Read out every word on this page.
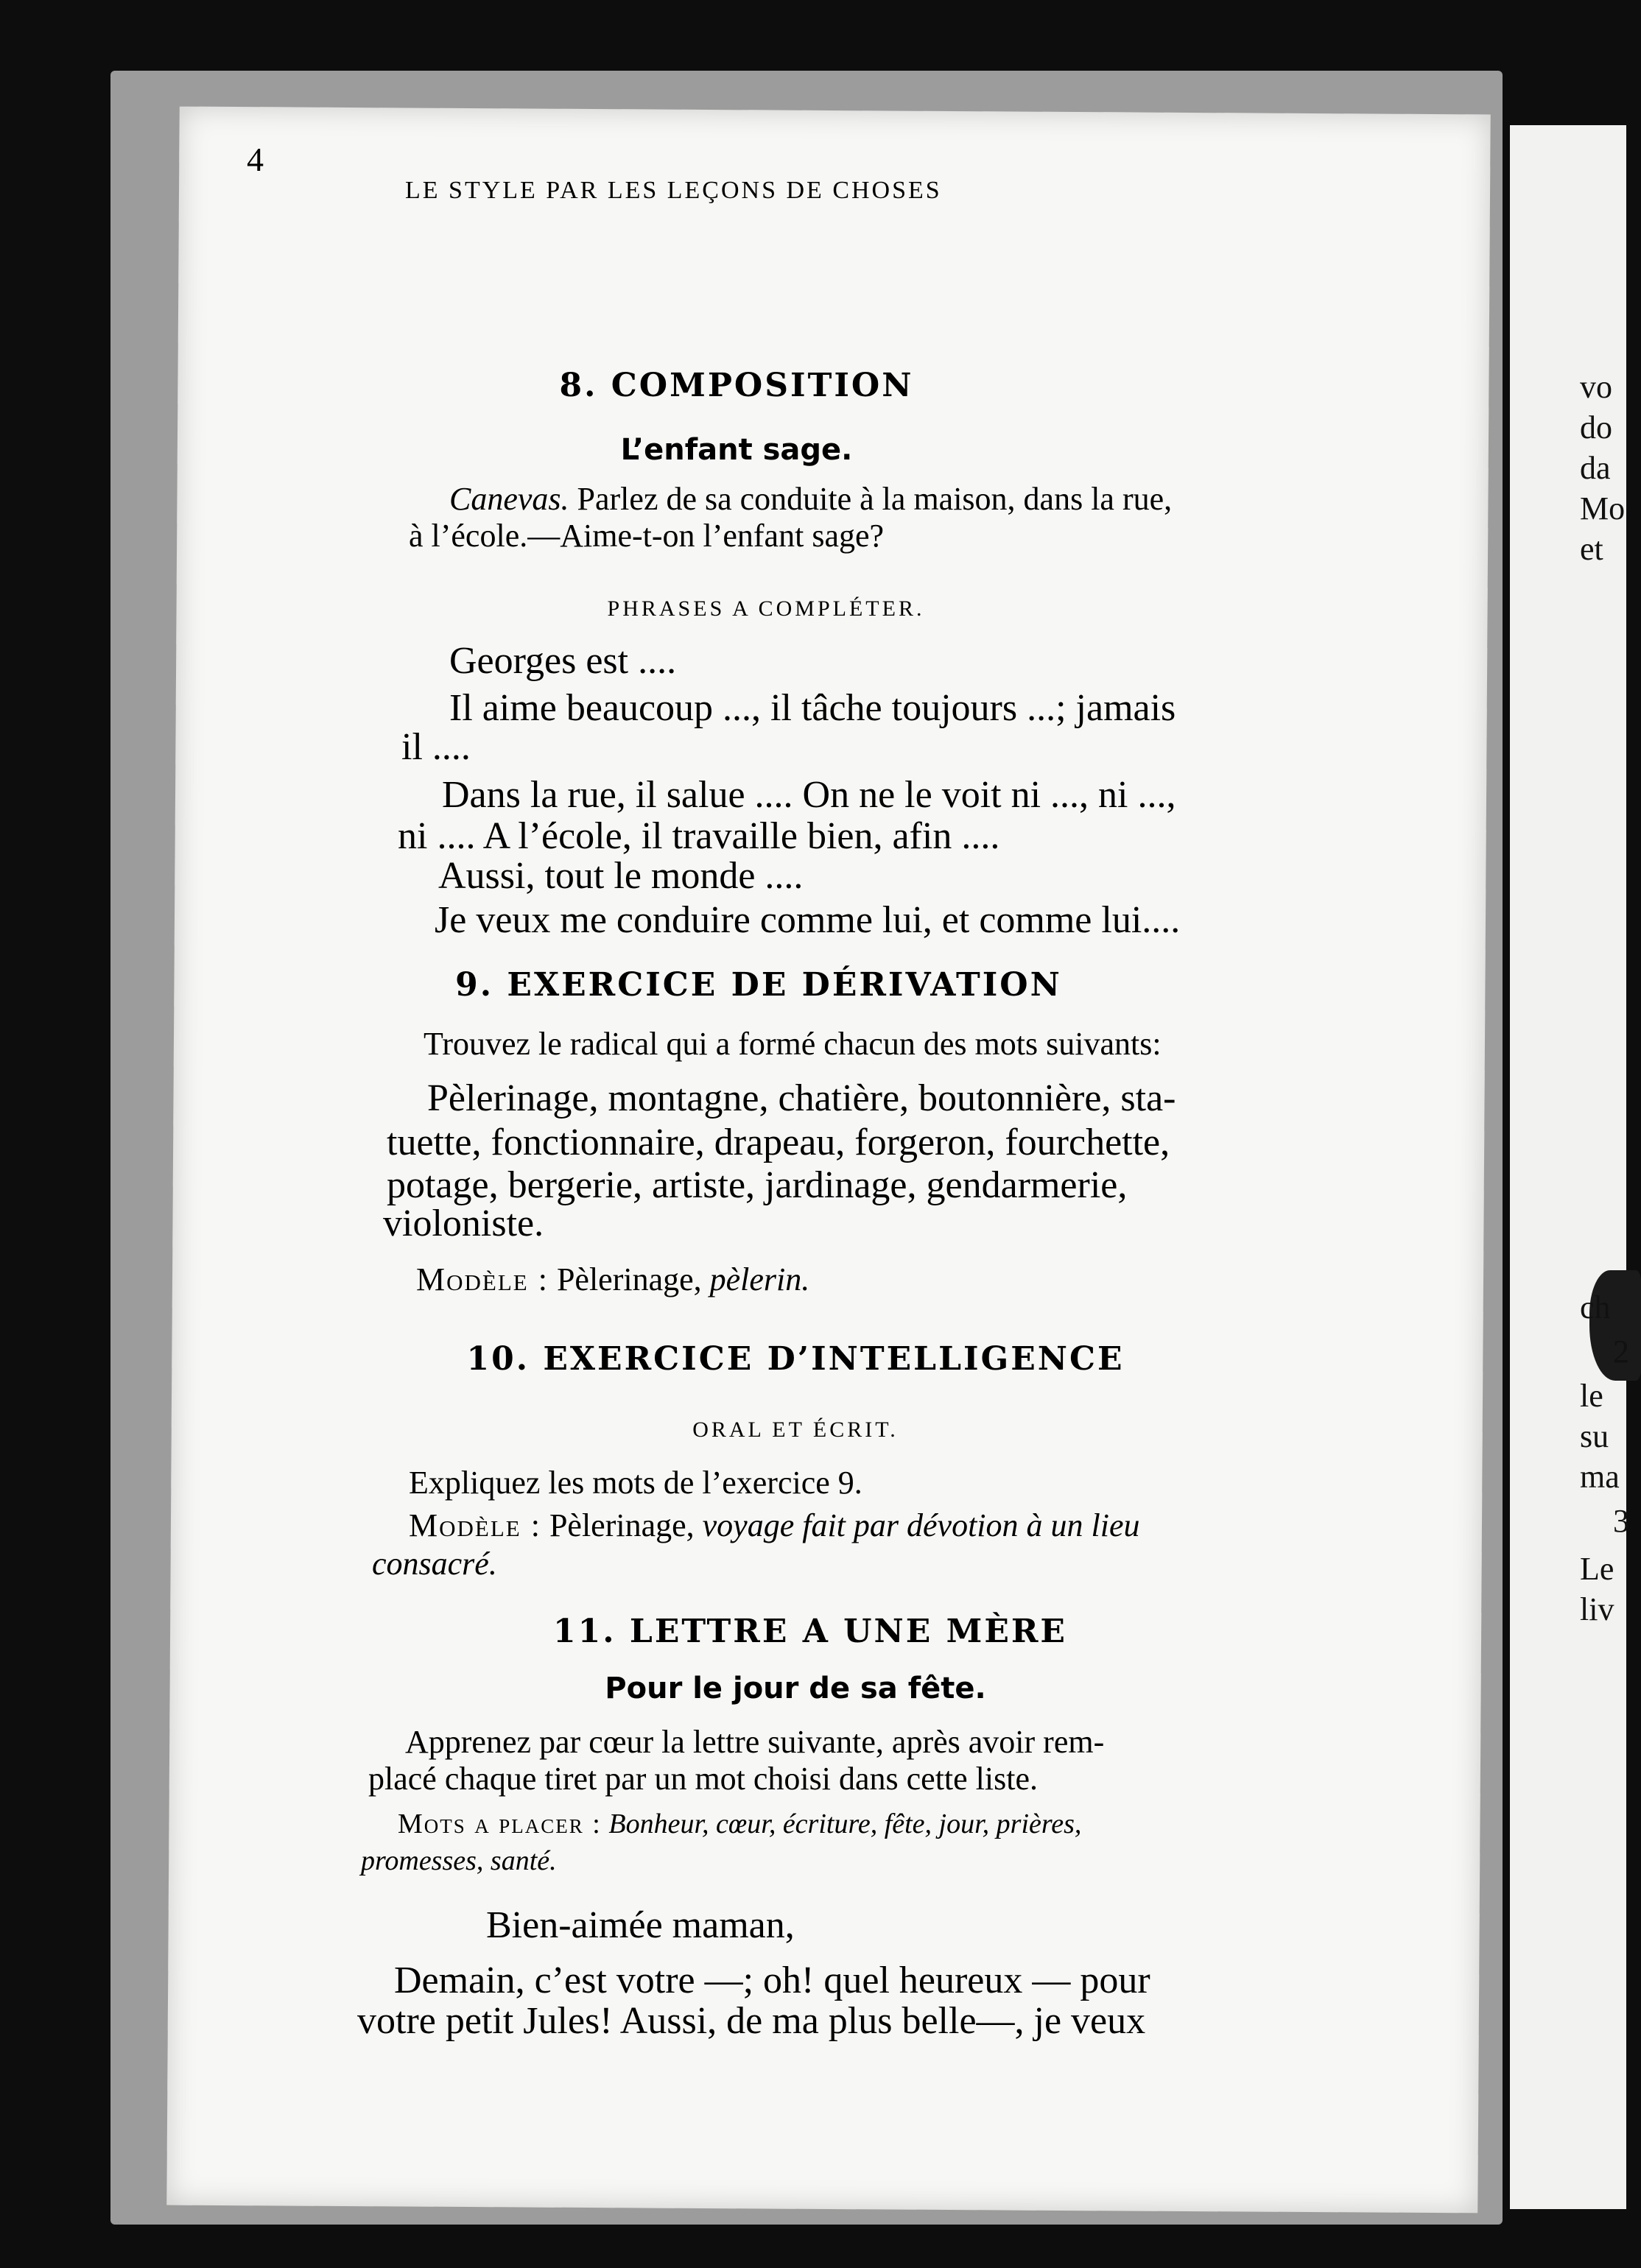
vo
do
da
Mo
et
ch
2
le
su
ma
3
Le
liv
4
LE STYLE PAR LES LEÇONS DE CHOSES
8. COMPOSITION
L’enfant sage.
Canevas. Parlez de sa conduite à la maison, dans la rue,
à l’école.—Aime-t-on l’enfant sage?
PHRASES A COMPLÉTER.
Georges est ....
Il aime beaucoup ..., il tâche toujours ...; jamais
il ....
Dans la rue, il salue .... On ne le voit ni ..., ni ...,
ni .... A l’école, il travaille bien, afin ....
Aussi, tout le monde ....
Je veux me conduire comme lui, et comme lui....
9. EXERCICE DE DÉRIVATION
Trouvez le radical qui a formé chacun des mots suivants:
Pèlerinage, montagne, chatière, boutonnière, sta-
tuette, fonctionnaire, drapeau, forgeron, fourchette,
potage, bergerie, artiste, jardinage, gendarmerie,
violoniste.
Modèle : Pèlerinage, pèlerin.
10. EXERCICE D’INTELLIGENCE
ORAL ET ÉCRIT.
Expliquez les mots de l’exercice 9.
Modèle : Pèlerinage, voyage fait par dévotion à un lieu
consacré.
11. LETTRE A UNE MÈRE
Pour le jour de sa fête.
Apprenez par cœur la lettre suivante, après avoir rem-
placé chaque tiret par un mot choisi dans cette liste.
Mots a placer : Bonheur, cœur, écriture, fête, jour, prières,
promesses, santé.
Bien-aimée maman,
Demain, c’est votre —; oh! quel heureux — pour
votre petit Jules! Aussi, de ma plus belle—, je veux
